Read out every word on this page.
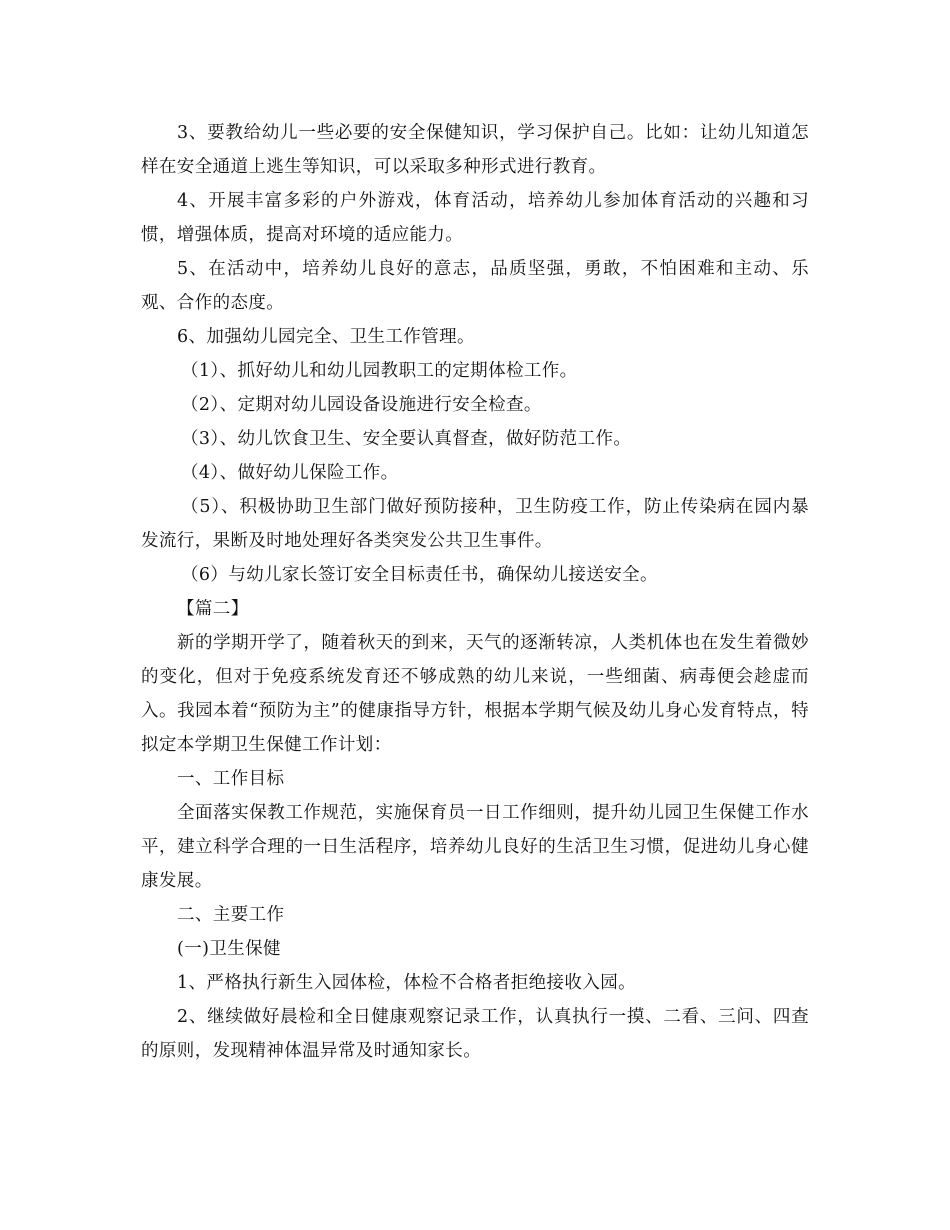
3、要教给幼儿一些必要的安全保健知识，学习保护自己。比如：让幼儿知道怎样在安全通道上逃生等知识，可以采取多种形式进行教育。

4、开展丰富多彩的户外游戏，体育活动，培养幼儿参加体育活动的兴趣和习惯，增强体质，提高对环境的适应能力。

5、在活动中，培养幼儿良好的意志，品质坚强，勇敢，不怕困难和主动、乐观、合作的态度。

6、加强幼儿园完全、卫生工作管理。

（1）、抓好幼儿和幼儿园教职工的定期体检工作。

（2）、定期对幼儿园设备设施进行安全检查。

（3）、幼儿饮食卫生、安全要认真督查，做好防范工作。

（4）、做好幼儿保险工作。

（5）、积极协助卫生部门做好预防接种，卫生防疫工作，防止传染病在园内暴发流行，果断及时地处理好各类突发公共卫生事件。

（6）与幼儿家长签订安全目标责任书，确保幼儿接送安全。

【篇二】

新的学期开学了，随着秋天的到来，天气的逐渐转凉，人类机体也在发生着微妙的变化，但对于免疫系统发育还不够成熟的幼儿来说，一些细菌、病毒便会趁虚而入。我园本着“预防为主”的健康指导方针，根据本学期气候及幼儿身心发育特点，特拟定本学期卫生保健工作计划：

一、工作目标

全面落实保教工作规范，实施保育员一日工作细则，提升幼儿园卫生保健工作水平，建立科学合理的一日生活程序，培养幼儿良好的生活卫生习惯，促进幼儿身心健康发展。

二、主要工作

(一)卫生保健

1、严格执行新生入园体检，体检不合格者拒绝接收入园。

2、继续做好晨检和全日健康观察记录工作，认真执行一摸、二看、三问、四查的原则，发现精神体温异常及时通知家长。
